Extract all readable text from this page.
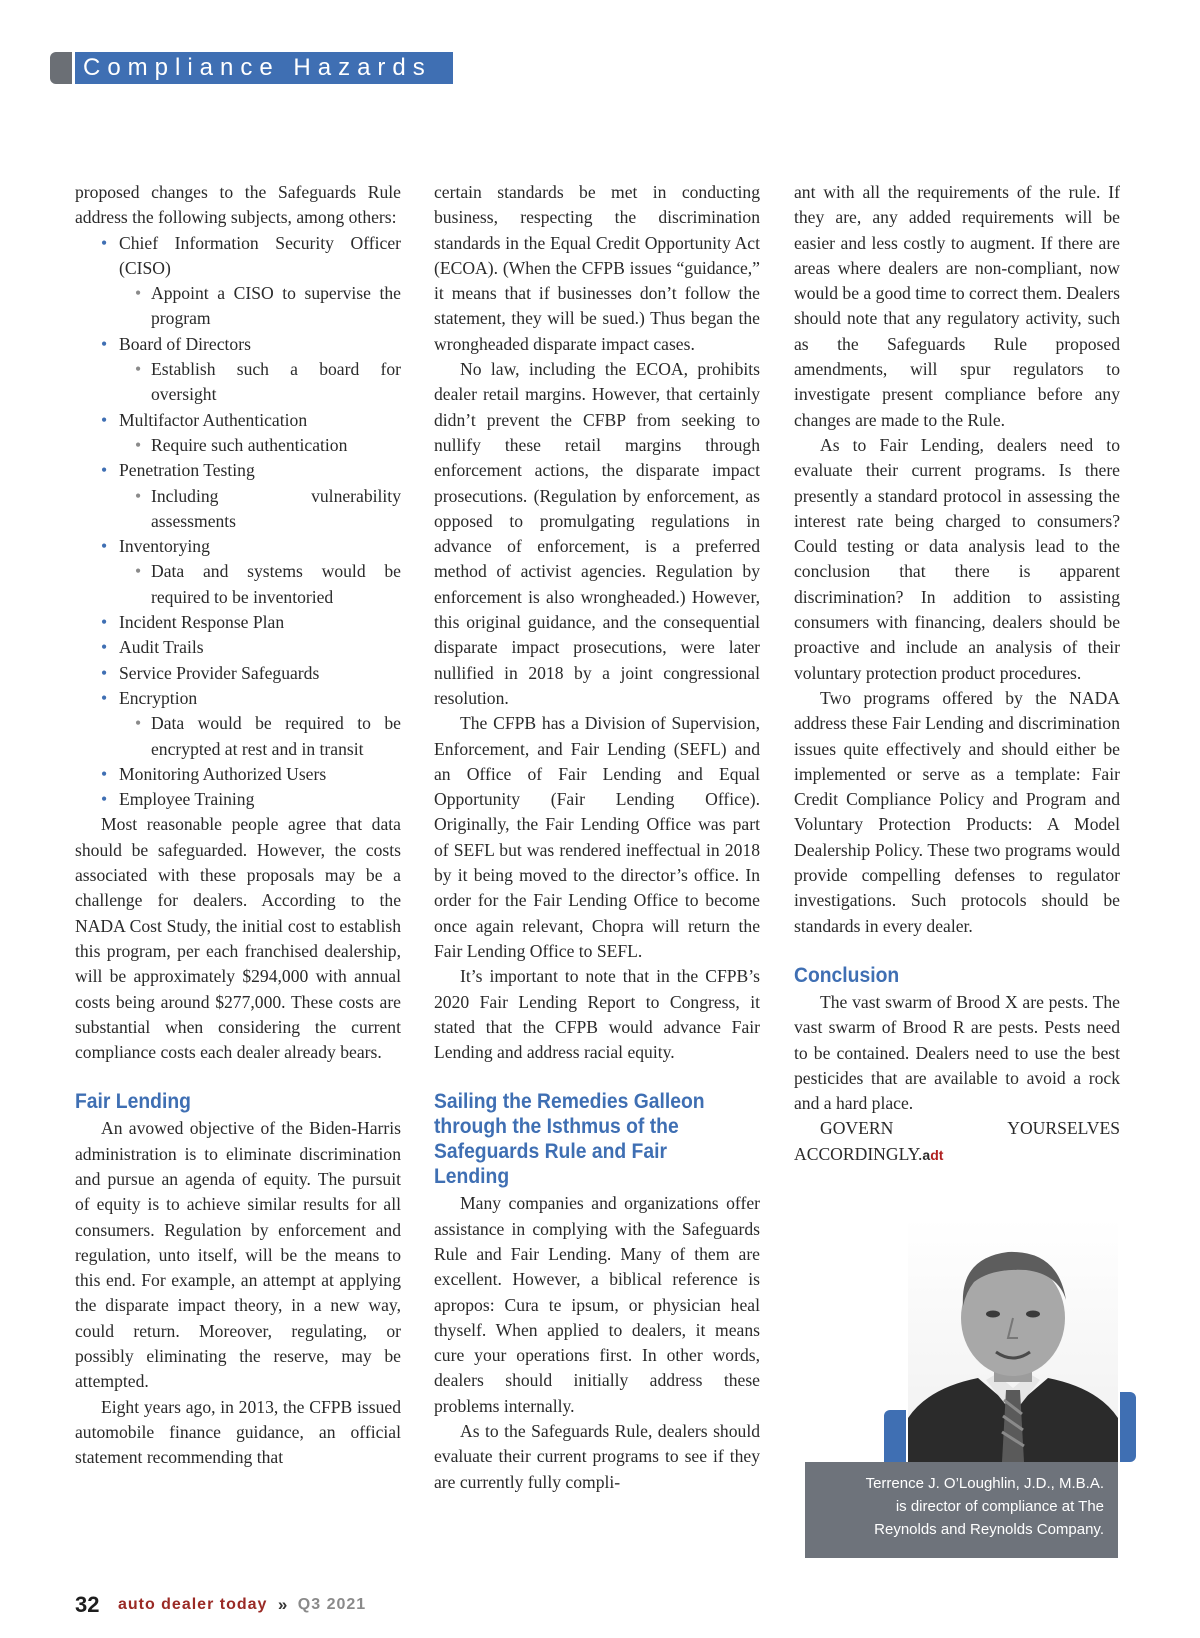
Compliance Hazards

proposed changes to the Safeguards Rule address the following subjects, among others:

• Chief Information Security Officer (CISO)
• Appoint a CISO to supervise the program
• Board of Directors
• Establish such a board for oversight
• Multifactor Authentication
• Require such authentication
• Penetration Testing
• Including vulnerability assessments
• Inventorying
• Data and systems would be required to be inventoried
• Incident Response Plan
• Audit Trails
• Service Provider Safeguards
• Encryption
• Data would be required to be encrypted at rest and in transit
• Monitoring Authorized Users
• Employee Training

Most reasonable people agree that data should be safeguarded. However, the costs associated with these proposals may be a challenge for dealers. According to the NADA Cost Study, the initial cost to establish this program, per each franchised dealership, will be approximately $294,000 with annual costs being around $277,000. These costs are substantial when considering the current compliance costs each dealer already bears.

Fair Lending

An avowed objective of the Biden-Harris administration is to eliminate discrimination and pursue an agenda of equity. The pursuit of equity is to achieve similar results for all consumers. Regulation by enforcement and regulation, unto itself, will be the means to this end. For example, an attempt at applying the disparate impact theory, in a new way, could return. Moreover, regulating, or possibly eliminating the reserve, may be attempted.

Eight years ago, in 2013, the CFPB issued automobile finance guidance, an official statement recommending that

certain standards be met in conducting business, respecting the discrimination standards in the Equal Credit Opportunity Act (ECOA). (When the CFPB issues “guidance,” it means that if businesses don’t follow the statement, they will be sued.) Thus began the wrongheaded disparate impact cases.

No law, including the ECOA, prohibits dealer retail margins. However, that certainly didn’t prevent the CFBP from seeking to nullify these retail margins through enforcement actions, the disparate impact prosecutions. (Regulation by enforcement, as opposed to promulgating regulations in advance of enforcement, is a preferred method of activist agencies. Regulation by enforcement is also wrongheaded.) However, this original guidance, and the consequential disparate impact prosecutions, were later nullified in 2018 by a joint congressional resolution.

The CFPB has a Division of Supervision, Enforcement, and Fair Lending (SEFL) and an Office of Fair Lending and Equal Opportunity (Fair Lending Office). Originally, the Fair Lending Office was part of SEFL but was rendered ineffectual in 2018 by it being moved to the director’s office. In order for the Fair Lending Office to become once again relevant, Chopra will return the Fair Lending Office to SEFL.

It’s important to note that in the CFPB’s 2020 Fair Lending Report to Congress, it stated that the CFPB would advance Fair Lending and address racial equity.

Sailing the Remedies Galleon through the Isthmus of the Safeguards Rule and Fair Lending

Many companies and organizations offer assistance in complying with the Safeguards Rule and Fair Lending. Many of them are excellent. However, a biblical reference is apropos: Cura te ipsum, or physician heal thyself. When applied to dealers, it means cure your operations first. In other words, dealers should initially address these problems internally.

As to the Safeguards Rule, dealers should evaluate their current programs to see if they are currently fully compli-

ant with all the requirements of the rule. If they are, any added requirements will be easier and less costly to augment. If there are areas where dealers are non-compliant, now would be a good time to correct them. Dealers should note that any regulatory activity, such as the Safeguards Rule proposed amendments, will spur regulators to investigate present compliance before any changes are made to the Rule.

As to Fair Lending, dealers need to evaluate their current programs. Is there presently a standard protocol in assessing the interest rate being charged to consumers? Could testing or data analysis lead to the conclusion that there is apparent discrimination? In addition to assisting consumers with financing, dealers should be proactive and include an analysis of their voluntary protection product procedures.

Two programs offered by the NADA address these Fair Lending and discrimination issues quite effectively and should either be implemented or serve as a template: Fair Credit Compliance Policy and Program and Voluntary Protection Products: A Model Dealership Policy. These two programs would provide compelling defenses to regulator investigations. Such protocols should be standards in every dealer.

Conclusion

The vast swarm of Brood X are pests. The vast swarm of Brood R are pests. Pests need to be contained. Dealers need to use the best pesticides that are available to avoid a rock and a hard place.

GOVERN YOURSELVES ACCORDINGLY.adt

Terrence J. O’Loughlin, J.D., M.B.A.
is director of compliance at The
Reynolds and Reynolds Company.
32 auto dealer today » Q3 2021
